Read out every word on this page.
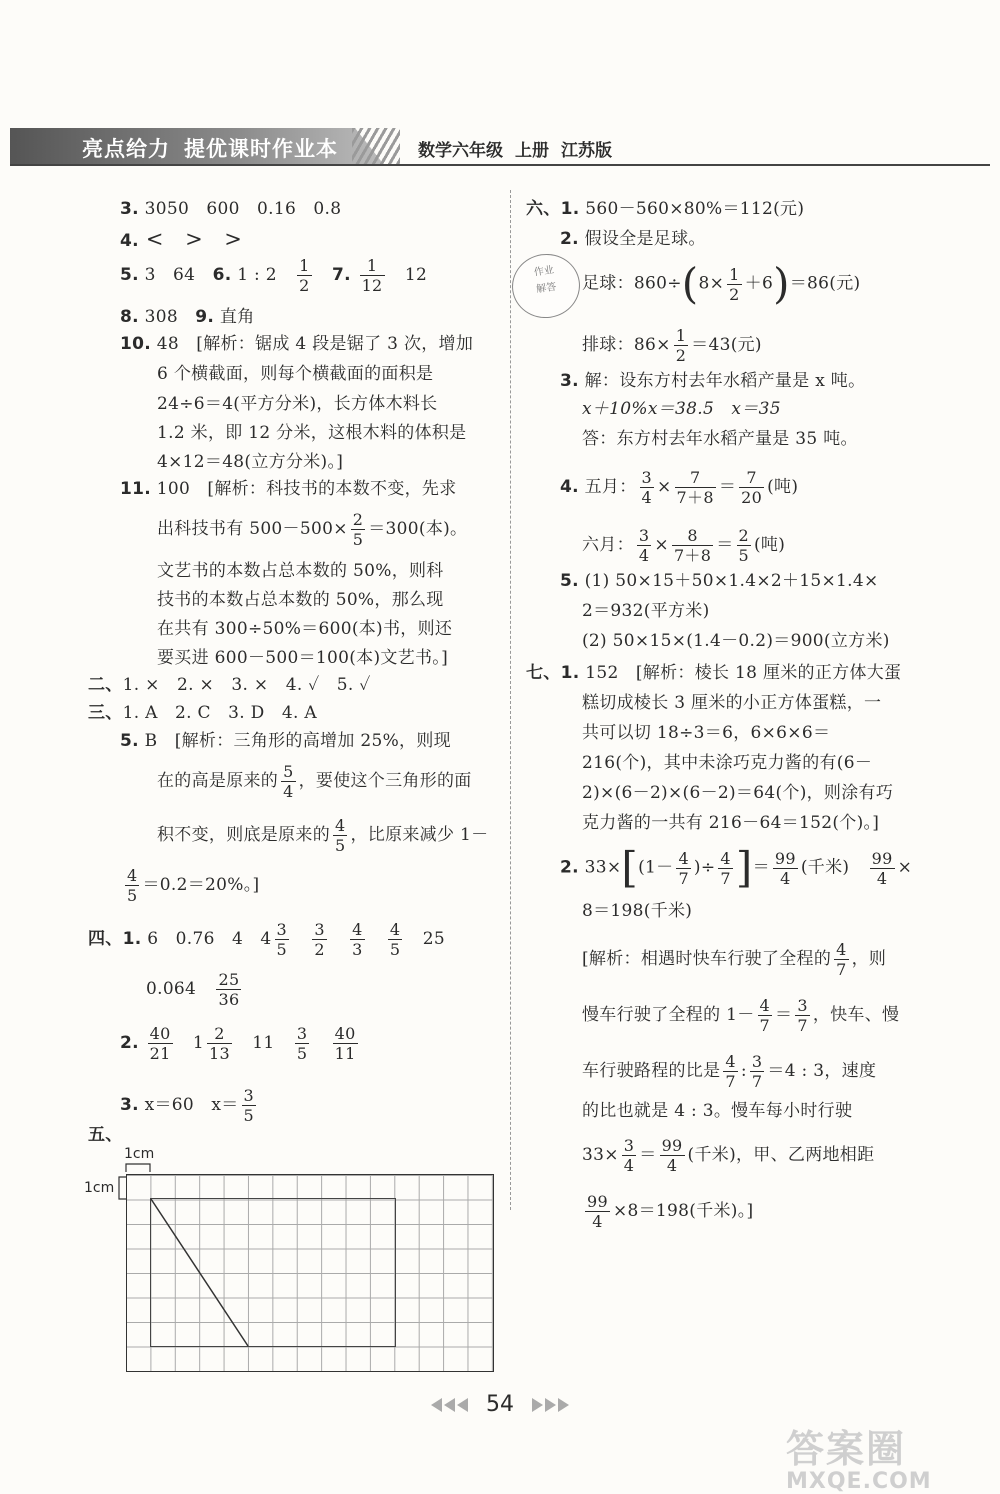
亮点给力 提优课时作业本	数学六年级 上册 江苏版
3. 3050　600　0.16　0.8
4. <　>　>
5. 3　64　 6. 1 : 2　 $\frac{1}{2}$
　 7. $\frac{1}{12}$
　 12
8. 308　 9. 直角
10. 48　[解析：锯成 4 段是锯了 3 次，增加
6 个横截面，则每个横截面的面积是
24÷6＝4(平方分米)，长方体木料长
1.2 米，即 12 分米，这根木料的体积是
4×12＝48(立方分米)。]
11. 100　[解析：科技书的本数不变，先求
出科技书有 $500-500\times \frac{2}{5} =300$(本)。
文艺书的本数占总本数的 50%，则科
技书的本数占总本数的 50%，那么现
在共有 300÷50%＝600(本)书，则还
要买进 600－500＝100(本)文艺书。]
二、1. ×　2. ×　3. ×　4. ✓　5. ✓
三、1. A　2. C　3. D　4. A
5. B　[解析：三角形的高增加 25%，则现
在的高是原来的 $\frac{5}{4}$ ，要使这个三角形的面
积不变，则底是原来的 $\frac{4}{5}$ ，比原来减少 1－
$\frac{4}{5} =0.2=20\%$。]
四、1. 6　0.76　4　$4 \frac{3}{5}$
　 $\frac{3}{2}$
　 $\frac{4}{3}$
　 $\frac{4}{5}$
　 25
0.064　 $\frac{25}{36}$
2. $\frac{40}{21}$
　 $1 \frac{2}{13}$
　 11　 $\frac{3}{5}$
　 $\frac{40}{11}$
3. x＝60　$x= \frac{3}{5}$
五、
1cm
1cm
六、1. 560－560×80%＝112(元)
2. 假设全是足球。
作业
解答	足球：$860\div(8\times \frac{1}{2} +6)=86$(元)
排球：$86\times \frac{1}{2} =43$(元)
3. 解：设东方村去年水稻产量是 x 吨。
x＋10%x＝38.5　x＝35
答：东方村去年水稻产量是 35 吨。
4. 五月： $\frac{3}{4} \times \frac{7}{7+8} = \frac{7}{20}$ (吨)
六月： $\frac{3}{4} \times \frac{8}{7+8} = \frac{2}{5}$ (吨)
5. (1) 50×15＋50×1.4×2＋15×1.4×
2＝932(平方米)
(2) 50×15×(1.4－0.2)＝900(立方米)
七、1. 152　[解析：棱长 18 厘米的正方体大蛋
糕切成棱长 3 厘米的小正方体蛋糕，一
共可以切 18÷3＝6，6×6×6＝
216(个)，其中未涂巧克力酱的有(6－
2)×(6－2)×(6－2)＝64(个)，则涂有巧
克力酱的一共有 216－64＝152(个)。]
2. $33\times[(1- \frac{4}{7}$ )÷ $\frac{4}{7}$ ]＝ $\frac{99}{4}$ (千米)　 $\frac{99}{4}$ ×
8＝198(千米)
[解析：相遇时快车行驶了全程的 $\frac{4}{7}$ ，则
慢车行驶了全程的 $1- \frac{4}{7} = \frac{3}{7}$ ，快车、慢
车行驶路程的比是 $\frac{4}{7}$ : $\frac{3}{7} =4$ : 3，速度
的比也就是 4 : 3。慢车每小时行驶
$33\times \frac{3}{4} = \frac{99}{4}$ (千米)，甲、乙两地相距
$\frac{99}{4} \times 8=198$(千米)。]
54
答案圈
MXQE.COM
